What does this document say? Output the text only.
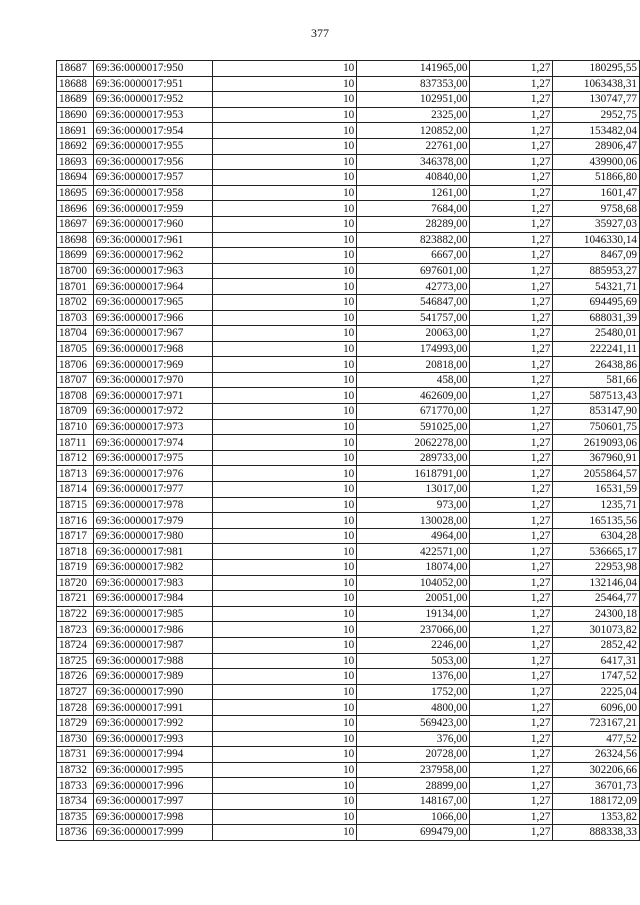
377
18687	69:36:0000017:950	10	141965,00	1,27	180295,55
18688	69:36:0000017:951	10	837353,00	1,27	1063438,31
18689	69:36:0000017:952	10	102951,00	1,27	130747,77
18690	69:36:0000017:953	10	2325,00	1,27	2952,75
18691	69:36:0000017:954	10	120852,00	1,27	153482,04
18692	69:36:0000017:955	10	22761,00	1,27	28906,47
18693	69:36:0000017:956	10	346378,00	1,27	439900,06
18694	69:36:0000017:957	10	40840,00	1,27	51866,80
18695	69:36:0000017:958	10	1261,00	1,27	1601,47
18696	69:36:0000017:959	10	7684,00	1,27	9758,68
18697	69:36:0000017:960	10	28289,00	1,27	35927,03
18698	69:36:0000017:961	10	823882,00	1,27	1046330,14
18699	69:36:0000017:962	10	6667,00	1,27	8467,09
18700	69:36:0000017:963	10	697601,00	1,27	885953,27
18701	69:36:0000017:964	10	42773,00	1,27	54321,71
18702	69:36:0000017:965	10	546847,00	1,27	694495,69
18703	69:36:0000017:966	10	541757,00	1,27	688031,39
18704	69:36:0000017:967	10	20063,00	1,27	25480,01
18705	69:36:0000017:968	10	174993,00	1,27	222241,11
18706	69:36:0000017:969	10	20818,00	1,27	26438,86
18707	69:36:0000017:970	10	458,00	1,27	581,66
18708	69:36:0000017:971	10	462609,00	1,27	587513,43
18709	69:36:0000017:972	10	671770,00	1,27	853147,90
18710	69:36:0000017:973	10	591025,00	1,27	750601,75
18711	69:36:0000017:974	10	2062278,00	1,27	2619093,06
18712	69:36:0000017:975	10	289733,00	1,27	367960,91
18713	69:36:0000017:976	10	1618791,00	1,27	2055864,57
18714	69:36:0000017:977	10	13017,00	1,27	16531,59
18715	69:36:0000017:978	10	973,00	1,27	1235,71
18716	69:36:0000017:979	10	130028,00	1,27	165135,56
18717	69:36:0000017:980	10	4964,00	1,27	6304,28
18718	69:36:0000017:981	10	422571,00	1,27	536665,17
18719	69:36:0000017:982	10	18074,00	1,27	22953,98
18720	69:36:0000017:983	10	104052,00	1,27	132146,04
18721	69:36:0000017:984	10	20051,00	1,27	25464,77
18722	69:36:0000017:985	10	19134,00	1,27	24300,18
18723	69:36:0000017:986	10	237066,00	1,27	301073,82
18724	69:36:0000017:987	10	2246,00	1,27	2852,42
18725	69:36:0000017:988	10	5053,00	1,27	6417,31
18726	69:36:0000017:989	10	1376,00	1,27	1747,52
18727	69:36:0000017:990	10	1752,00	1,27	2225,04
18728	69:36:0000017:991	10	4800,00	1,27	6096,00
18729	69:36:0000017:992	10	569423,00	1,27	723167,21
18730	69:36:0000017:993	10	376,00	1,27	477,52
18731	69:36:0000017:994	10	20728,00	1,27	26324,56
18732	69:36:0000017:995	10	237958,00	1,27	302206,66
18733	69:36:0000017:996	10	28899,00	1,27	36701,73
18734	69:36:0000017:997	10	148167,00	1,27	188172,09
18735	69:36:0000017:998	10	1066,00	1,27	1353,82
18736	69:36:0000017:999	10	699479,00	1,27	888338,33
